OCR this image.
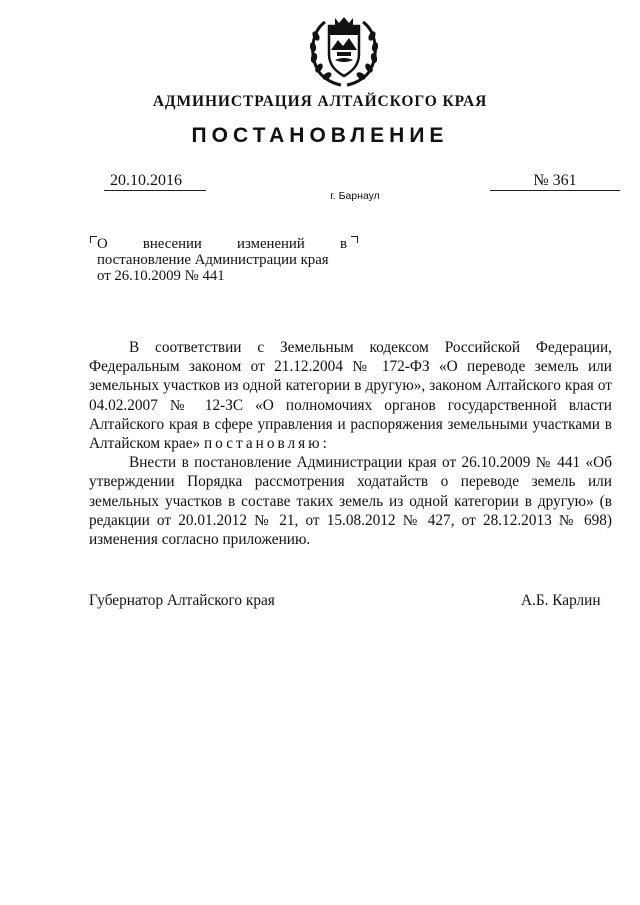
АДМИНИСТРАЦИЯ АЛТАЙСКОГО КРАЯ
ПОСТАНОВЛЕНИЕ
20.10.2016	№ 361
г. Барнаул
О внесении изменений в
постановление Администрации края
от 26.10.2009 № 441

В соответствии с Земельным кодексом Российской Федерации, Федеральным законом от 21.12.2004 № 172-ФЗ «О переводе земель или земельных участков из одной категории в другую», законом Алтайского края от 04.02.2007 № 12-ЗС «О полномочиях органов государственной власти Алтайского края в сфере управления и распоряжения земельными участками в Алтайском крае» постановляю:

Внести в постановление Администрации края от 26.10.2009 № 441 «Об утверждении Порядка рассмотрения ходатайств о переводе земель или земельных участков в составе таких земель из одной категории в другую» (в редакции от 20.01.2012 № 21, от 15.08.2012 № 427, от 28.12.2013 № 698) изменения согласно приложению.

Губернатор Алтайского края	А.Б. Карлин
